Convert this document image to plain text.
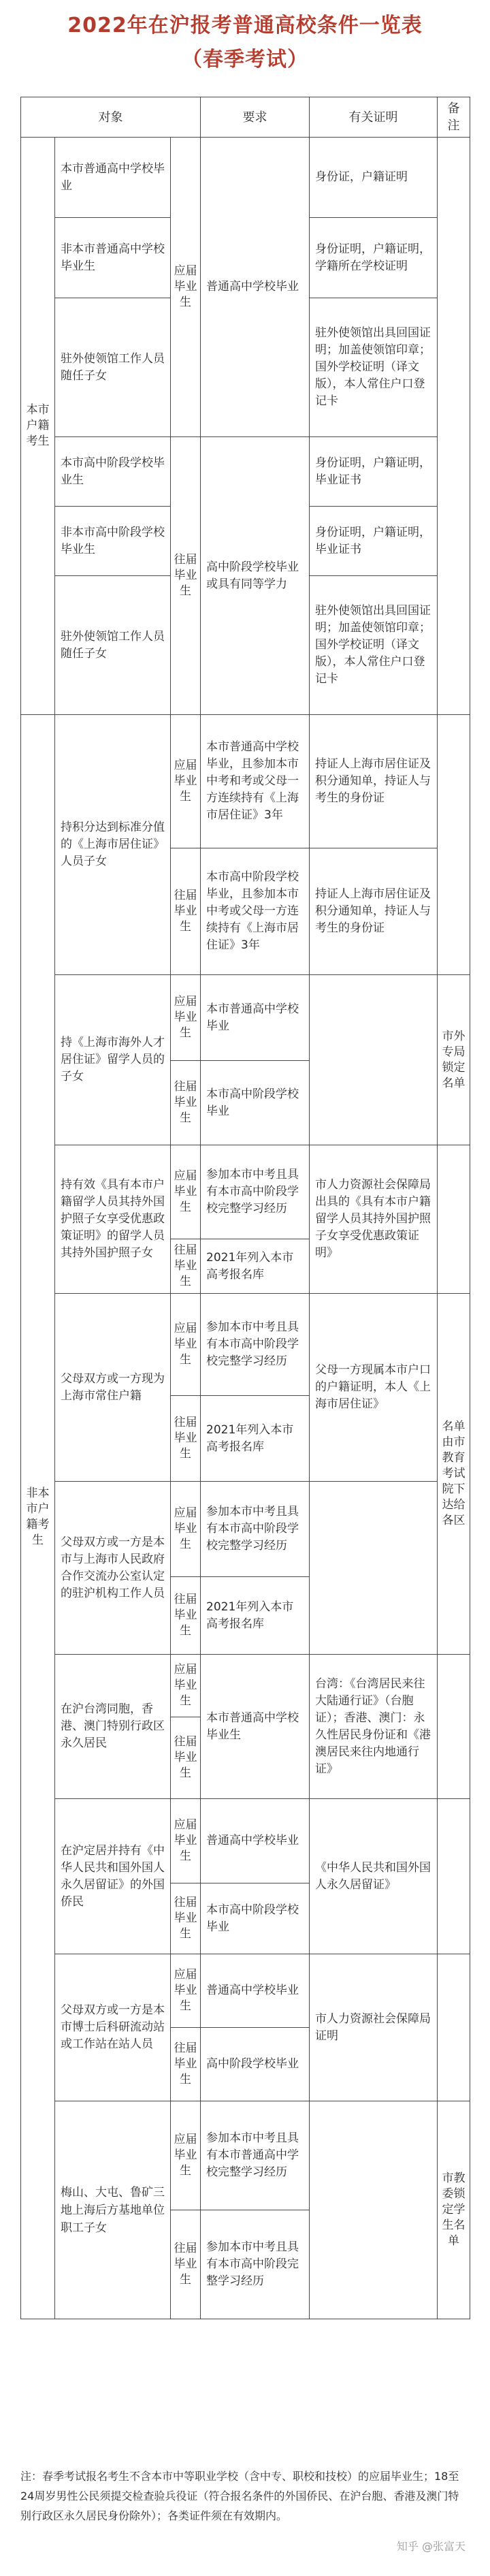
2022年在沪报考普通高校条件一览表
（春季考试）
对象			要求	有关证明	备注
本市户籍考生	本市普通高中学校毕业	应届毕业生	普通高中学校毕业	身份证，户籍证明	
	非本市普通高中学校毕业生			身份证明，户籍证明，学籍所在学校证明	
	驻外使领馆工作人员随任子女			驻外使领馆出具回国证明；加盖使领馆印章；国外学校证明（译文版），本人常住户口登记卡	
	本市高中阶段学校毕业生	往届毕业生	高中阶段学校毕业或具有同等学力	身份证明，户籍证明，毕业证书	
	非本市高中阶段学校毕业生			身份证明，户籍证明，毕业证书	
	驻外使领馆工作人员随任子女			驻外使领馆出具回国证明；加盖使领馆印章；国外学校证明（译文版），本人常住户口登记卡	
非本市户籍考生	持积分达到标准分值的《上海市居住证》人员子女	应届毕业生	本市普通高中学校毕业，且参加本市中考和考或父母一方连续持有《上海市居住证》3年	持证人上海市居住证及积分通知单，持证人与考生的身份证	
		往届毕业生	本市高中阶段学校毕业，且参加本市中考或父母一方连续持有《上海市居住证》3年	持证人上海市居住证及积分通知单，持证人与考生的身份证	
	持《上海市海外人才居住证》留学人员的子女	应届毕业生	本市普通高中学校毕业		市外专局锁定名单
		往届毕业生	本市高中阶段学校毕业		
	持有效《具有本市户籍留学人员其持外国护照子女享受优惠政策证明》的留学人员其持外国护照子女	应届毕业生	参加本市中考且具有本市高中阶段学校完整学习经历	市人力资源社会保障局出具的《具有本市户籍留学人员其持外国护照子女享受优惠政策证明》	
		往届毕业生	2021年列入本市高考报名库		
	父母双方或一方现为上海市常住户籍	应届毕业生	参加本市中考且具有本市高中阶段学校完整学习经历	父母一方现属本市户口的户籍证明，本人《上海市居住证》	名单由市教育考试院下达给各区
		往届毕业生	2021年列入本市高考报名库		
	父母双方或一方是本市与上海市人民政府合作交流办公室认定的驻沪机构工作人员	应届毕业生	参加本市中考且具有本市高中阶段学校完整学习经历		
		往届毕业生	2021年列入本市高考报名库		
	在沪台湾同胞，香港、澳门特别行政区永久居民	应届毕业生	本市普通高中学校毕业生	台湾：《台湾居民来往大陆通行证》（台胞证）；香港、澳门：永久性居民身份证和《港澳居民来往内地通行证》	
		往届毕业生			
	在沪定居并持有《中华人民共和国外国人永久居留证》的外国侨民	应届毕业生	普通高中学校毕业	《中华人民共和国外国人永久居留证》	
		往届毕业生	本市高中阶段学校毕业		
	父母双方或一方是本市博士后科研流动站或工作站在站人员	应届毕业生	普通高中学校毕业	市人力资源社会保障局证明	
		往届毕业生	高中阶段学校毕业		
	梅山、大屯、鲁矿三地上海后方基地单位职工子女	应届毕业生	参加本市中考且具有本市普通高中学校完整学习经历		市教委锁定学生名单
		往届毕业生	参加本市中考且具有本市高中阶段完整学习经历		
注：春季考试报名考生不含本市中等职业学校（含中专、职校和技校）的应届毕业生；18至24周岁男性公民须提交检查验兵役证（符合报名条件的外国侨民、在沪台胞、香港及澳门特别行政区永久居民身份除外）；各类证件须在有效期内。
知乎 @张富天
